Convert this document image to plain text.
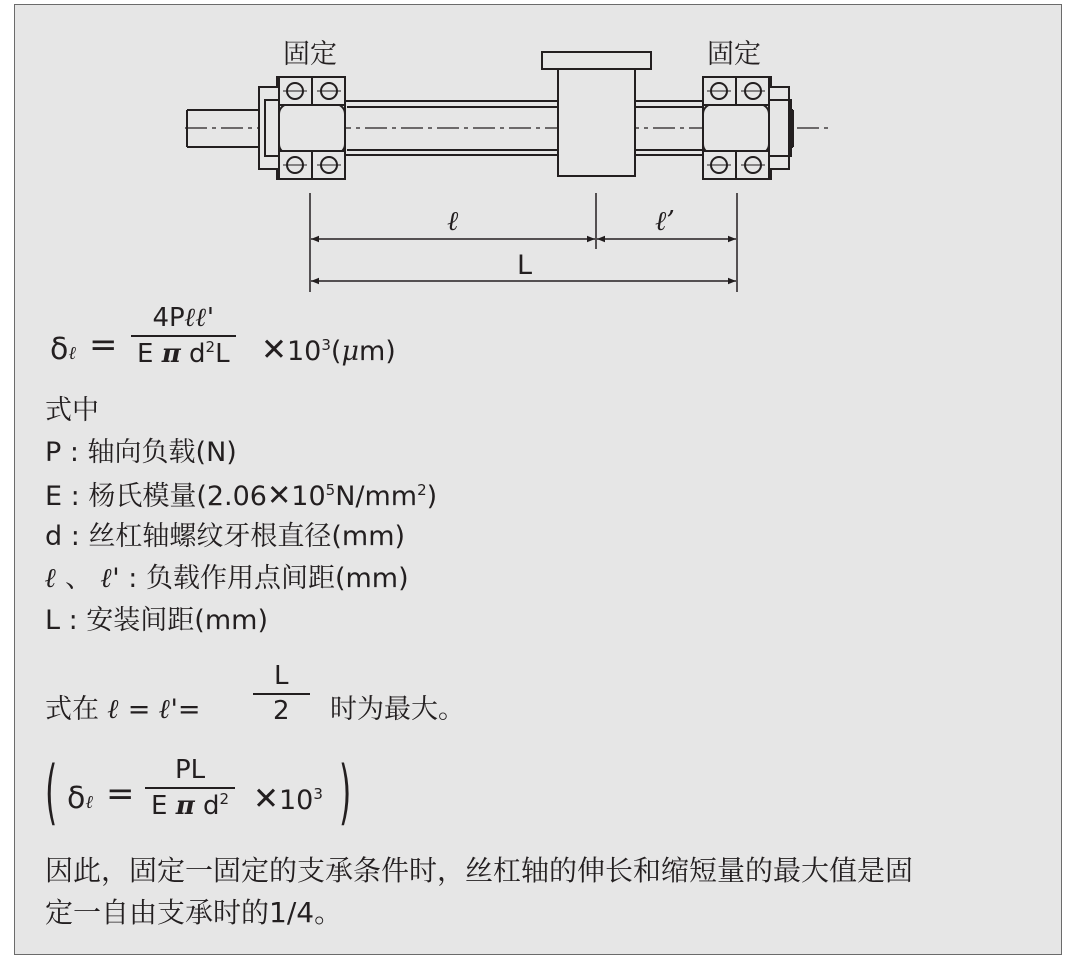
固定	固定
ℓ	ℓ’
L
δℓ =
4Pℓℓ'
E π $d^2L$ $✕10^3(\mu m)$
式中
P : 轴向负载(N)
E : 杨氏模量$(2.06✕10^5N/mm^2)$
d : 丝杠轴螺纹牙根直径(mm)
ℓ 、 ℓ' : 负载作用点间距(mm)
L : 安装间距(mm)
式在 ℓ = ℓ'=
L
2	时为最大。
( δℓ =
PL
E π $d^2$ $✕10^3$ )
因此，固定一固定的支承条件时，丝杠轴的伸长和缩短量的最大值是固
定一自由支承时的1/4。
